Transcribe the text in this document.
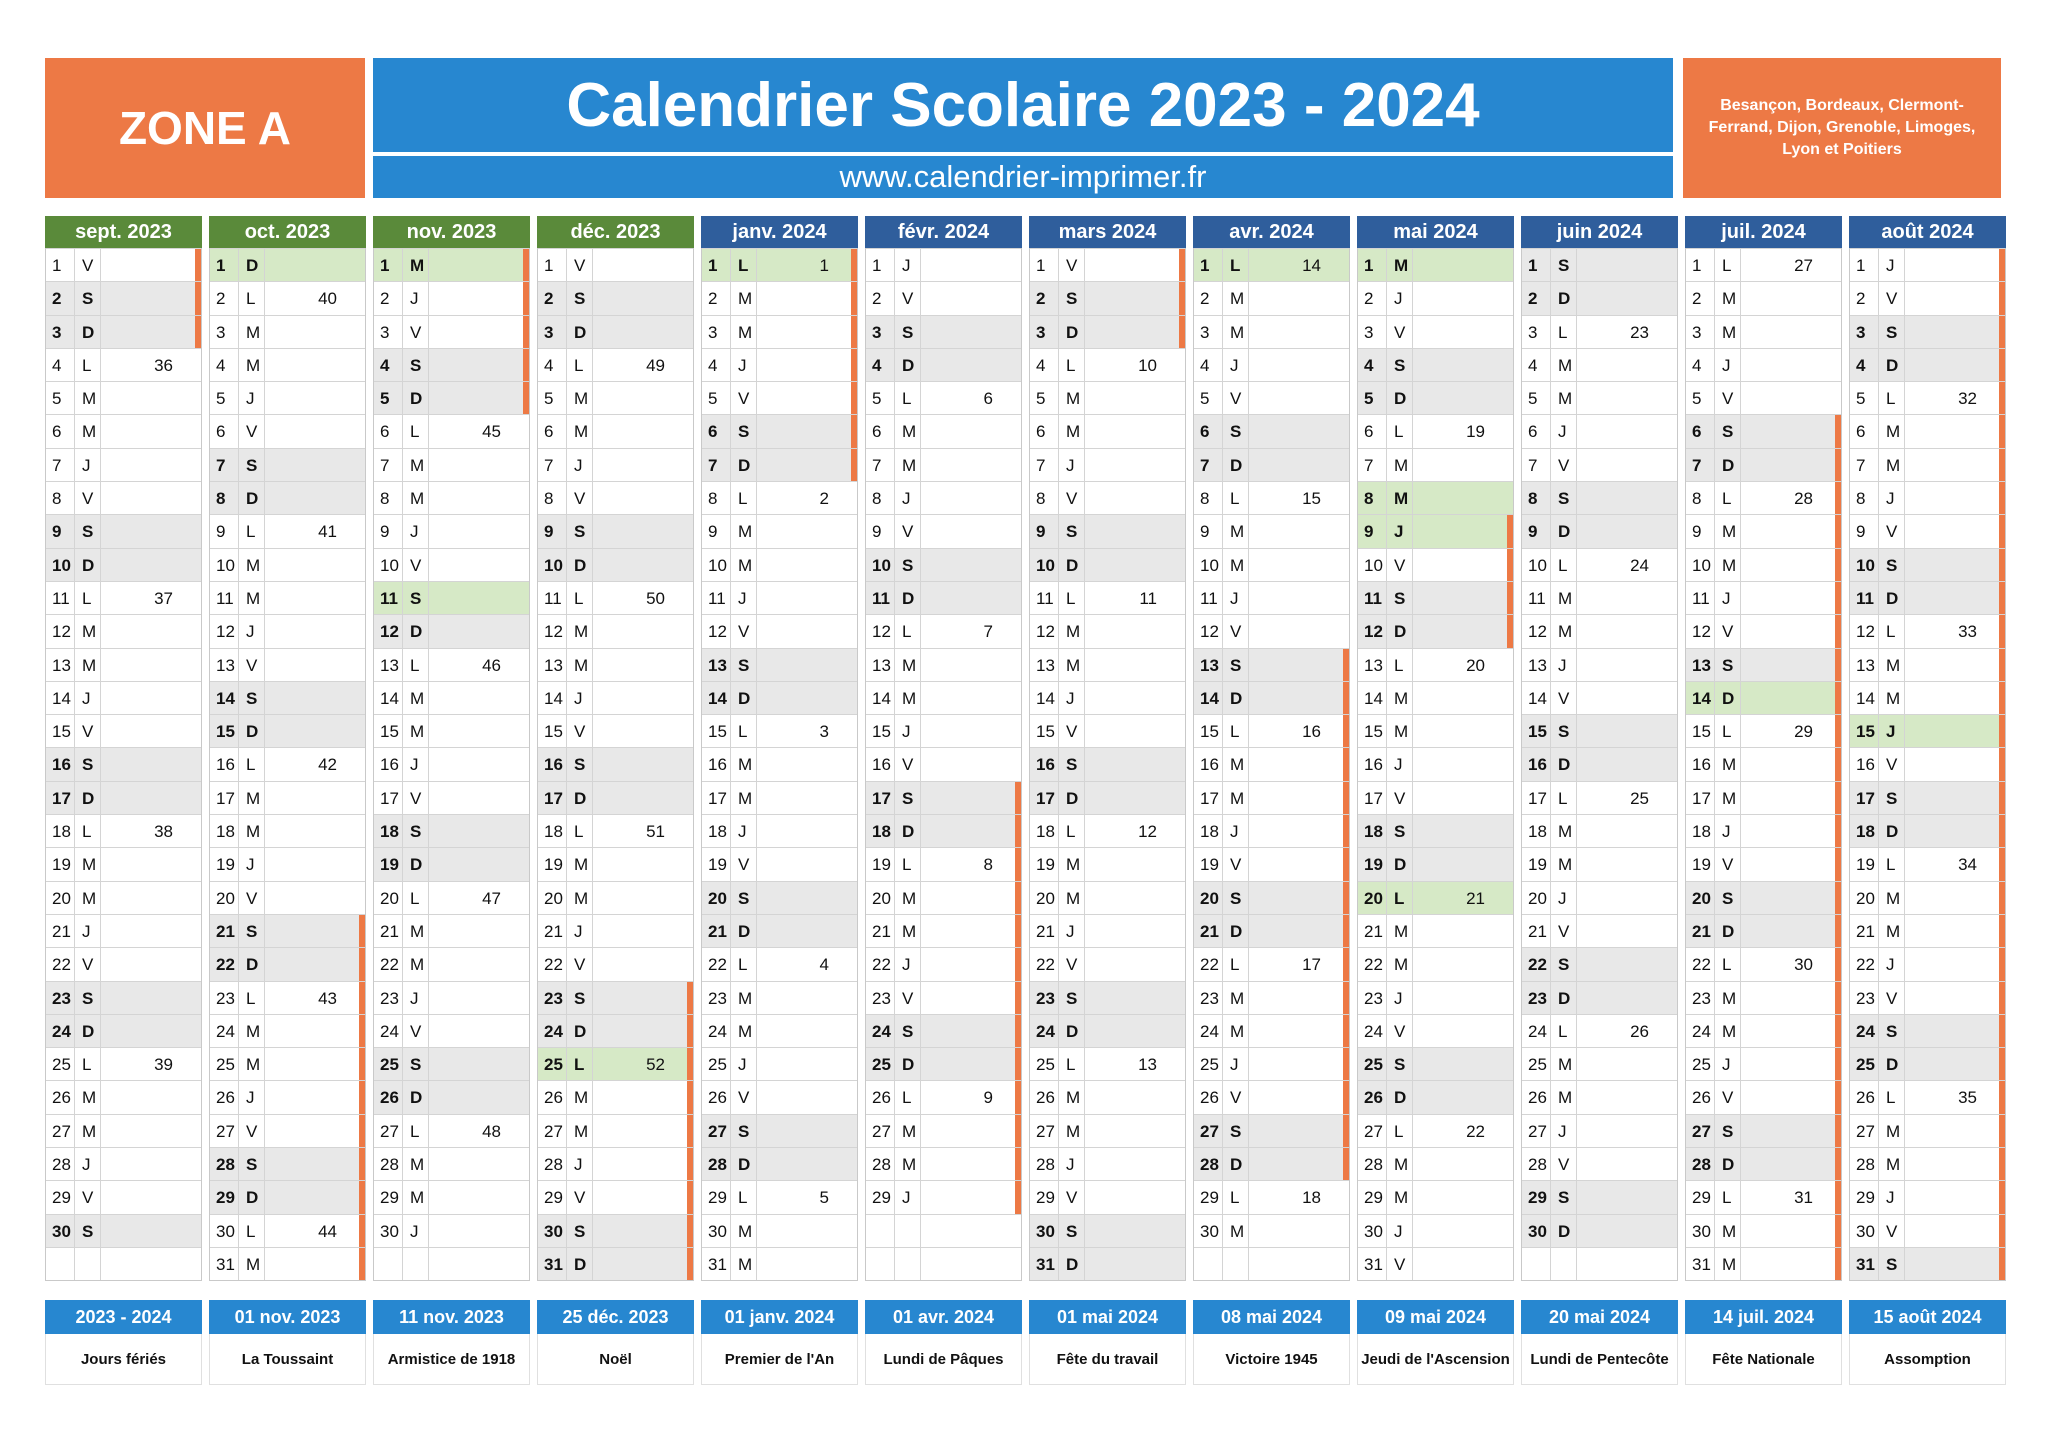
ZONE A	Calendrier Scolaire 2023 - 2024
www.calendrier-imprimer.fr
Besançon, Bordeaux, Clermont-Ferrand, Dijon, Grenoble, Limoges, Lyon et Poitiers
sept. 2023
1	V
2	S
3	D
4	L	36
5	M
6	M
7	J
8	V
9	S
10 D
11 L	37
12 M
13 M
14 J
15 V
16 S
17 D
18 L	38
19 M
20 M
21 J
22 V
23 S
24 D
25 L	39
26 M
27 M
28 J
29 V
30 S
oct. 2023
1	D
2	L	40
3	M
4	M
5	J
6	V
7	S
8	D
9	L	41
10 M
11 M
12 J
13 V
14 S
15 D
16 L	42
17 M
18 M
19 J
20 V
21 S
22 D
23 L	43
24 M
25 M
26 J
27 V
28 S
29 D
30 L	44
31 M
nov. 2023
1	M
2	J
3	V
4	S
5	D
6	L	45
7	M
8	M
9	J
10 V
11 S
12 D
13 L	46
14 M
15 M
16 J
17 V
18 S
19 D
20 L	47
21 M
22 M
23 J
24 V
25 S
26 D
27 L	48
28 M
29 M
30 J
déc. 2023
1	V
2	S
3	D
4	L	49
5	M
6	M
7	J
8	V
9	S
10 D
11 L	50
12 M
13 M
14 J
15 V
16 S
17 D
18 L	51
19 M
20 M
21 J
22 V
23 S
24 D
25 L	52
26 M
27 M
28 J
29 V
30 S
31 D
janv. 2024
1	L	1
2	M
3	M
4	J
5	V
6	S
7	D
8	L	2
9	M
10 M
11 J
12 V
13 S
14 D
15 L	3
16 M
17 M
18 J
19 V
20 S
21 D
22 L	4
23 M
24 M
25 J
26 V
27 S
28 D
29 L	5
30 M
31 M
févr. 2024
1	J
2	V
3	S
4	D
5	L	6
6	M
7	M
8	J
9	V
10 S
11 D
12 L	7
13 M
14 M
15 J
16 V
17 S
18 D
19 L	8
20 M
21 M
22 J
23 V
24 S
25 D
26 L	9
27 M
28 M
29 J
mars 2024
1	V
2	S
3	D
4	L	10
5	M
6	M
7	J
8	V
9	S
10 D
11 L	11
12 M
13 M
14 J
15 V
16 S
17 D
18 L	12
19 M
20 M
21 J
22 V
23 S
24 D
25 L	13
26 M
27 M
28 J
29 V
30 S
31 D
avr. 2024
1	L	14
2	M
3	M
4	J
5	V
6	S
7	D
8	L	15
9	M
10 M
11 J
12 V
13 S
14 D
15 L	16
16 M
17 M
18 J
19 V
20 S
21 D
22 L	17
23 M
24 M
25 J
26 V
27 S
28 D
29 L	18
30 M
mai 2024
1	M
2	J
3	V
4	S
5	D
6	L	19
7	M
8	M
9	J
10 V
11 S
12 D
13 L	20
14 M
15 M
16 J
17 V
18 S
19 D
20 L	21
21 M
22 M
23 J
24 V
25 S
26 D
27 L	22
28 M
29 M
30 J
31 V
juin 2024
1	S
2	D
3	L	23
4	M
5	M
6	J
7	V
8	S
9	D
10 L	24
11 M
12 M
13 J
14 V
15 S
16 D
17 L	25
18 M
19 M
20 J
21 V
22 S
23 D
24 L	26
25 M
26 M
27 J
28 V
29 S
30 D
juil. 2024
1	L	27
2	M
3	M
4	J
5	V
6	S
7	D
8	L	28
9	M
10 M
11 J
12 V
13 S
14 D
15 L	29
16 M
17 M
18 J
19 V
20 S
21 D
22 L	30
23 M
24 M
25 J
26 V
27 S
28 D
29 L	31
30 M
31 M
août 2024
1	J
2	V
3	S
4	D
5	L	32
6	M
7	M
8	J
9	V
10 S
11 D
12 L	33
13 M
14 M
15 J
16 V
17 S
18 D
19 L	34
20 M
21 M
22 J
23 V
24 S
25 D
26 L	35
27 M
28 M
29 J
30 V
31 S
2023 - 2024
Jours fériés
01 nov. 2023
La Toussaint
11 nov. 2023
Armistice de 1918
25 déc. 2023
Noël
01 janv. 2024
Premier de l'An
01 avr. 2024
Lundi de Pâques
01 mai 2024
Fête du travail
08 mai 2024
Victoire 1945
09 mai 2024
Jeudi de l'Ascension
20 mai 2024
Lundi de Pentecôte
14 juil. 2024
Fête Nationale
15 août 2024
Assomption
